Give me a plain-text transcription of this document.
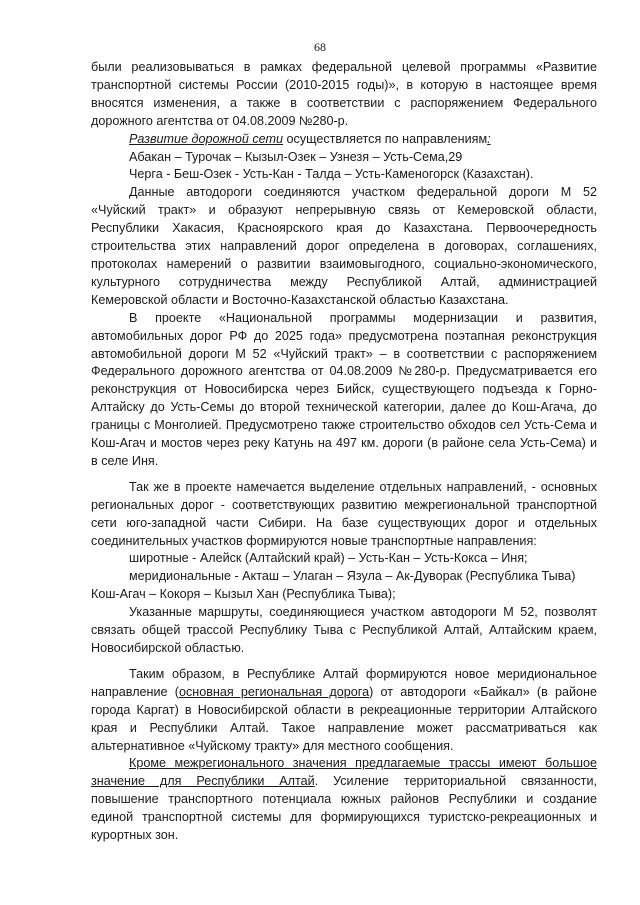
68

были реализовываться в рамках федеральной целевой программы «Развитие транспортной системы России (2010-2015 годы)», в которую в настоящее время вносятся изменения, а также в соответствии с распоряжением Федерального дорожного агентства от 04.08.2009 №280-р.

Развитие дорожной сети осуществляется по направлениям:

Абакан – Турочак – Кызыл-Озек – Узнезя – Усть-Сема,29

Черга - Беш-Озек - Усть-Кан - Талда – Усть-Каменогорск (Казахстан).

Данные автодороги соединяются участком федеральной дороги М 52 «Чуйский тракт» и образуют непрерывную связь от Кемеровской области, Республики Хакасия, Красноярского края до Казахстана. Первоочередность строительства этих направлений дорог определена в договорах, соглашениях, протоколах намерений о развитии взаимовыгодного, социально-экономического, культурного сотрудничества между Республикой Алтай, администрацией Кемеровской области и Восточно-Казахстанской областью Казахстана.

В проекте «Национальной программы модернизации и развития, автомобильных дорог РФ до 2025 года» предусмотрена поэтапная реконструкция автомобильной дороги М 52 «Чуйский тракт» – в соответствии с распоряжением Федерального дорожного агентства от 04.08.2009 №280-р. Предусматривается его реконструкция от Новосибирска через Бийск, существующего подъезда к Горно-Алтайску до Усть-Семы до второй технической категории, далее до Кош-Агача, до границы с Монголией. Предусмотрено также строительство обходов сел Усть-Сема и Кош-Агач и мостов через реку Катунь на 497 км. дороги (в районе села Усть-Сема) и в селе Иня.

Так же в проекте намечается выделение отдельных направлений, - основных региональных дорог - соответствующих развитию межрегиональной транспортной сети юго-западной части Сибири. На базе существующих дорог и отдельных соединительных участков формируются новые транспортные направления:

широтные - Алейск (Алтайский край) – Усть-Кан – Усть-Кокса – Иня;

меридиональные - Акташ – Улаган – Язула – Ак-Дуворак (Республика Тыва)

Кош-Агач – Кокоря – Кызыл Хан (Республика Тыва);

Указанные маршруты, соединяющиеся участком автодороги М 52, позволят связать общей трассой Республику Тыва с Республикой Алтай, Алтайским краем, Новосибирской областью.

Таким образом, в Республике Алтай формируются новое меридиональное направление (основная региональная дорога) от автодороги «Байкал» (в районе города Каргат) в Новосибирской области в рекреационные территории Алтайского края и Республики Алтай. Такое направление может рассматриваться как альтернативное «Чуйскому тракту» для местного сообщения.

Кроме межрегионального значения предлагаемые трассы имеют большое значение для Республики Алтай. Усиление территориальной связанности, повышение транспортного потенциала южных районов Республики и создание единой транспортной системы для формирующихся туристско-рекреационных и курортных зон.
